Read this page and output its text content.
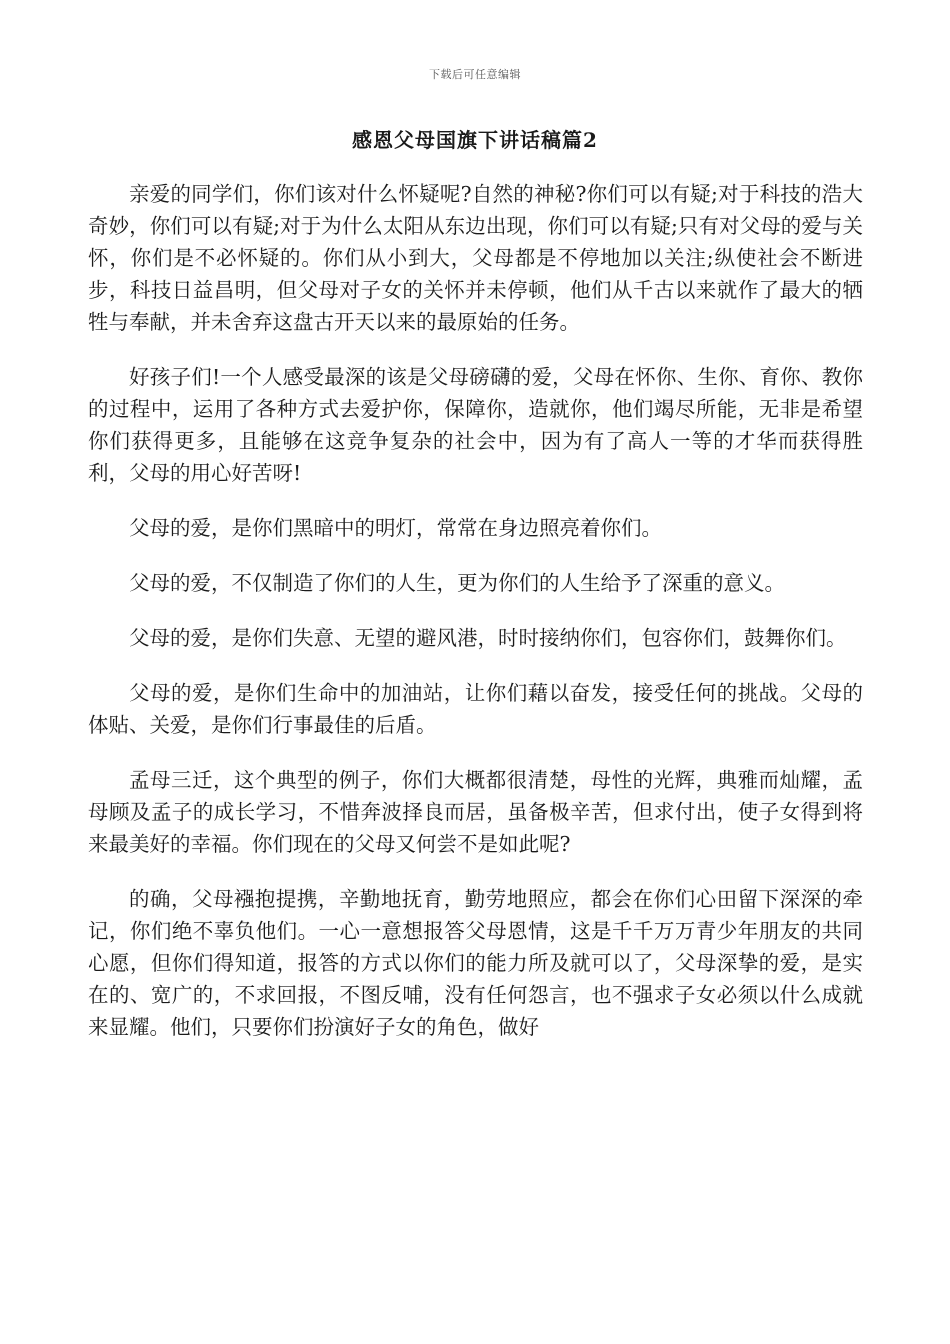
下载后可任意编辑
感恩父母国旗下讲话稿篇2

亲爱的同学们，你们该对什么怀疑呢?自然的神秘?你们可以有疑;对于科技的浩大奇妙，你们可以有疑;对于为什么太阳从东边出现，你们可以有疑;只有对父母的爱与关怀，你们是不必怀疑的。你们从小到大，父母都是不停地加以关注;纵使社会不断进步，科技日益昌明，但父母对子女的关怀并未停顿，他们从千古以来就作了最大的牺牲与奉献，并未舍弃这盘古开天以来的最原始的任务。

好孩子们!一个人感受最深的该是父母磅礴的爱，父母在怀你、生你、育你、教你的过程中，运用了各种方式去爱护你，保障你，造就你，他们竭尽所能，无非是希望你们获得更多，且能够在这竞争复杂的社会中，因为有了高人一等的才华而获得胜利，父母的用心好苦呀!

父母的爱，是你们黑暗中的明灯，常常在身边照亮着你们。

父母的爱，不仅制造了你们的人生，更为你们的人生给予了深重的意义。

父母的爱，是你们失意、无望的避风港，时时接纳你们，包容你们，鼓舞你们。

父母的爱，是你们生命中的加油站，让你们藉以奋发，接受任何的挑战。父母的体贴、关爱，是你们行事最佳的后盾。

孟母三迁，这个典型的例子，你们大概都很清楚，母性的光辉，典雅而灿耀，孟母顾及孟子的成长学习，不惜奔波择良而居，虽备极辛苦，但求付出，使子女得到将来最美好的幸福。你们现在的父母又何尝不是如此呢?

的确，父母襁抱提携，辛勤地抚育，勤劳地照应，都会在你们心田留下深深的牵记，你们绝不辜负他们。一心一意想报答父母恩情，这是千千万万青少年朋友的共同心愿，但你们得知道，报答的方式以你们的能力所及就可以了，父母深挚的爱，是实在的、宽广的，不求回报，不图反哺，没有任何怨言，也不强求子女必须以什么成就来显耀。他们，只要你们扮演好子女的角色，做好
